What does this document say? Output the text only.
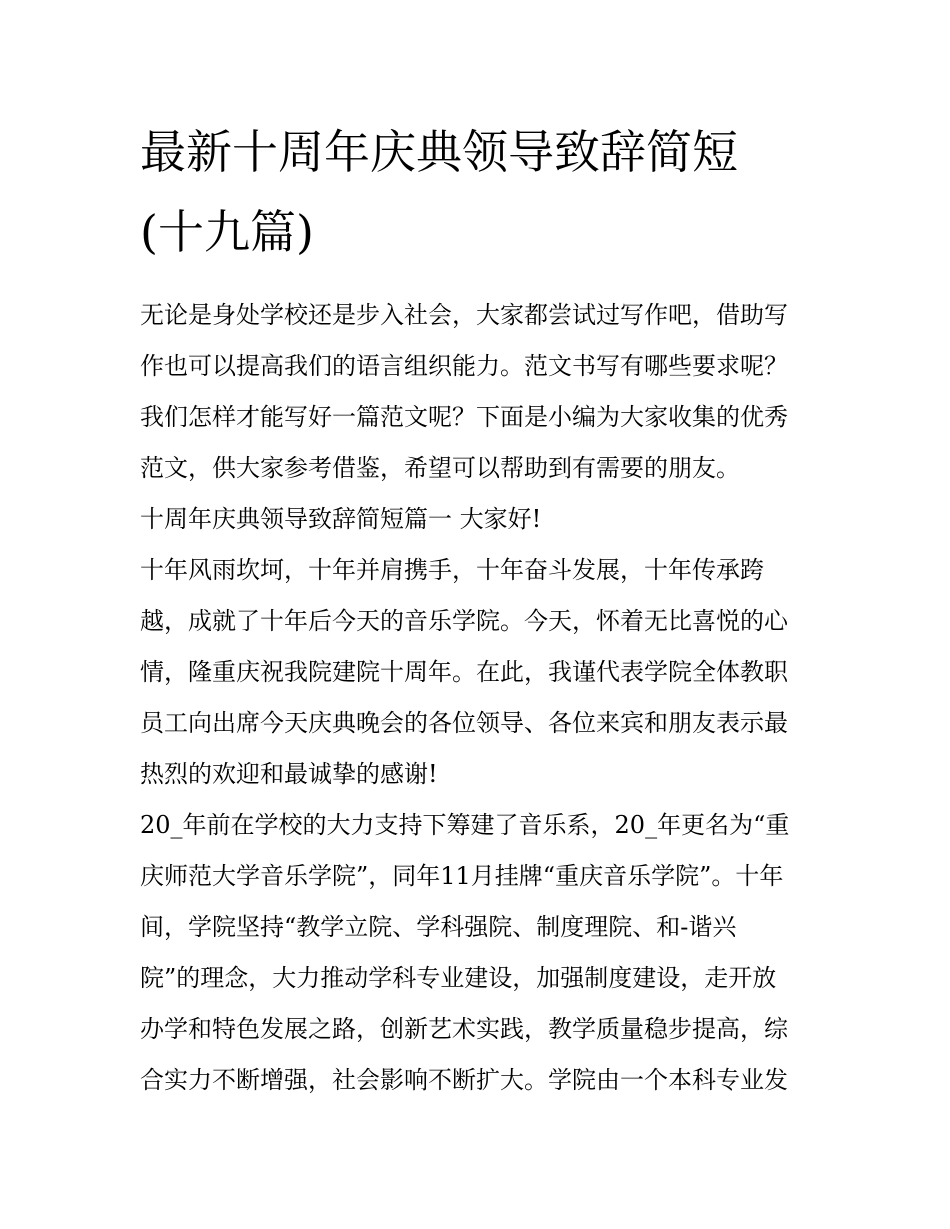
最新十周年庆典领导致辞简短
(十九篇)

无论是身处学校还是步入社会，大家都尝试过写作吧，借助写
作也可以提高我们的语言组织能力。范文书写有哪些要求呢？
我们怎样才能写好一篇范文呢？下面是小编为大家收集的优秀
范文，供大家参考借鉴，希望可以帮助到有需要的朋友。

十周年庆典领导致辞简短篇一 大家好!

十年风雨坎坷，十年并肩携手，十年奋斗发展，十年传承跨
越，成就了十年后今天的音乐学院。今天，怀着无比喜悦的心
情，隆重庆祝我院建院十周年。在此，我谨代表学院全体教职
员工向出席今天庆典晚会的各位领导、各位来宾和朋友表示最
热烈的欢迎和最诚挚的感谢!

20_年前在学校的大力支持下筹建了音乐系，20_年更名为“重
庆师范大学音乐学院”，同年11月挂牌“重庆音乐学院”。十年
间，学院坚持“教学立院、学科强院、制度理院、和-谐兴
院”的理念，大力推动学科专业建设，加强制度建设，走开放
办学和特色发展之路，创新艺术实践，教学质量稳步提高，综
合实力不断增强，社会影响不断扩大。学院由一个本科专业发
